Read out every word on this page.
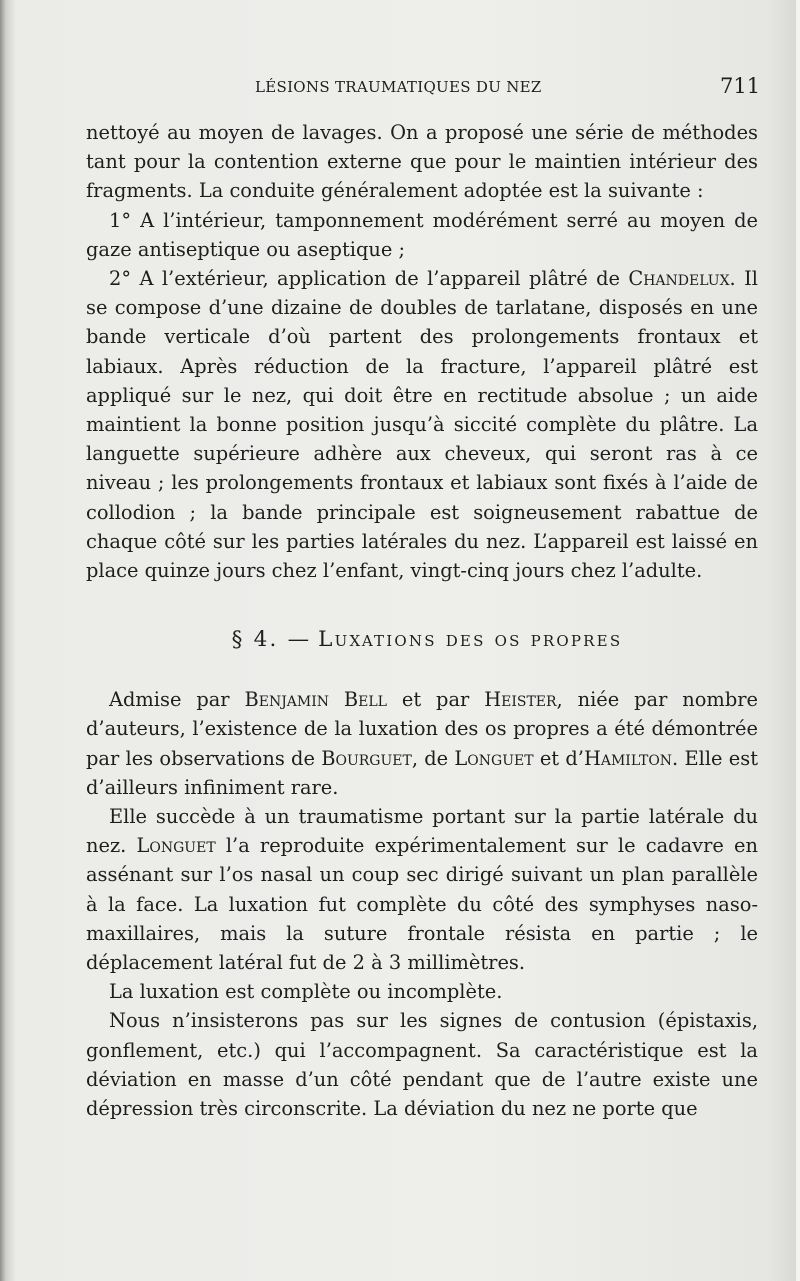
LÉSIONS TRAUMATIQUES DU NEZ	711

nettoyé au moyen de lavages. On a proposé une série de méthodes tant pour la contention externe que pour le maintien intérieur des fragments. La conduite généralement adoptée est la suivante :

1° A l’intérieur, tamponnement modérément serré au moyen de gaze antiseptique ou aseptique ;

2° A l’extérieur, application de l’appareil plâtré de Chandelux. Il se compose d’une dizaine de doubles de tarlatane, disposés en une bande verticale d’où partent des prolongements frontaux et labiaux. Après réduction de la fracture, l’appareil plâtré est appliqué sur le nez, qui doit être en rectitude absolue ; un aide maintient la bonne position jusqu’à siccité complète du plâtre. La languette supérieure adhère aux cheveux, qui seront ras à ce niveau ; les prolongements frontaux et labiaux sont fixés à l’aide de collodion ; la bande principale est soigneusement rabattue de chaque côté sur les parties latérales du nez. L’appareil est laissé en place quinze jours chez l’enfant, vingt-cinq jours chez l’adulte.

§ 4. — Luxations des os propres

Admise par Benjamin Bell et par Heister, niée par nombre d’auteurs, l’existence de la luxation des os propres a été démontrée par les observations de Bourguet, de Longuet et d’Hamilton. Elle est d’ailleurs infiniment rare.

Elle succède à un traumatisme portant sur la partie latérale du nez. Longuet l’a reproduite expérimentalement sur le cadavre en assénant sur l’os nasal un coup sec dirigé suivant un plan parallèle à la face. La luxation fut complète du côté des symphyses naso-maxillaires, mais la suture frontale résista en partie ; le déplacement latéral fut de 2 à 3 millimètres.

La luxation est complète ou incomplète.

Nous n’insisterons pas sur les signes de contusion (épistaxis, gonflement, etc.) qui l’accompagnent. Sa caractéristique est la déviation en masse d’un côté pendant que de l’autre existe une dépression très circonscrite. La déviation du nez ne porte que
